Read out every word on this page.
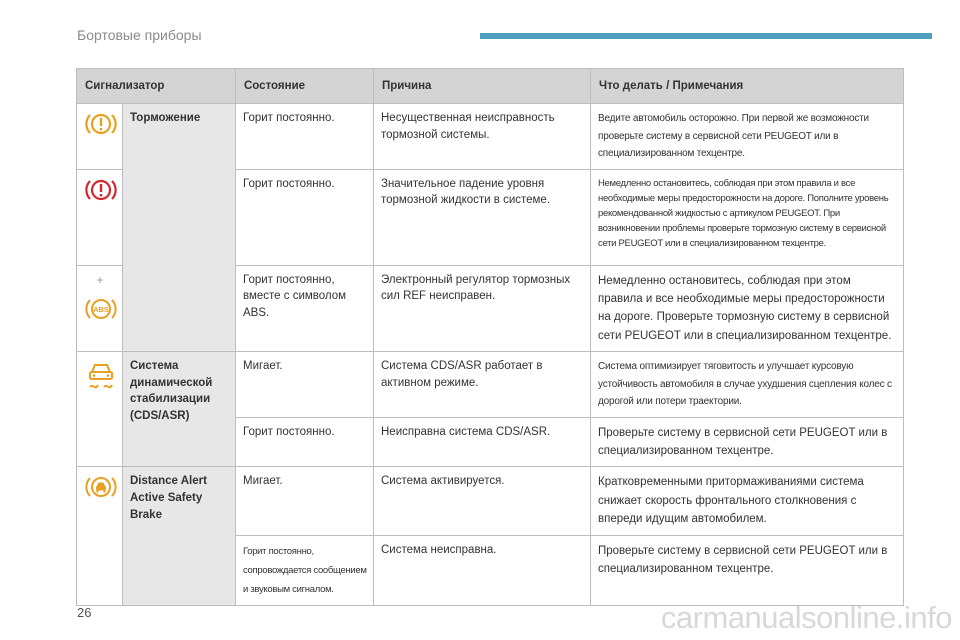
Бортовые приборы
Сигнализатор		Состояние	Причина	Что делать / Примечания
	Торможение	Горит постоянно.	Несущественная неисправность тормозной системы.	Ведите автомобиль осторожно. При первой же возможности проверьте систему в сервисной сети PEUGEOT или в специализированном техцентре.
	Горит постоянно.	Значительное падение уровня тормозной жидкости в системе.	Немедленно остановитесь, соблюдая при этом правила и все необходимые меры предосторожности на дороге. Пополните уровень рекомендованной жидкостью с артикулом PEUGEOT. При возникновении проблемы проверьте тормозную систему в сервисной сети PEUGEOT или в специализированном техцентре.

+
ABS		Горит постоянно, вместе с символом ABS.	Электронный регулятор тормозных сил REF неисправен.	Немедленно остановитесь, соблюдая при этом правила и все необходимые меры предосторожности на дороге. Проверьте тормозную систему в сервисной сети PEUGEOT или в специализированном техцентре.
	Система динамической стабилизации (CDS/ASR)	Мигает.	Система CDS/ASR работает в активном режиме.	Система оптимизирует тяговитость и улучшает курсовую устойчивость автомобиля в случае ухудшения сцепления колес с дорогой или потери траектории.
		Горит постоянно.	Неисправна система CDS/ASR.	Проверьте систему в сервисной сети PEUGEOT или в специализированном техцентре.
	Distance Alert Active Safety Brake	Мигает.	Система активируется.	Кратковременными притормаживаниями система снижает скорость фронтального столкновения с впереди идущим автомобилем.
		Горит постоянно, сопровождается сообщением и звуковым сигналом.	Система неисправна.	Проверьте систему в сервисной сети PEUGEOT или в специализированном техцентре.
26	carmanualsonline.info
